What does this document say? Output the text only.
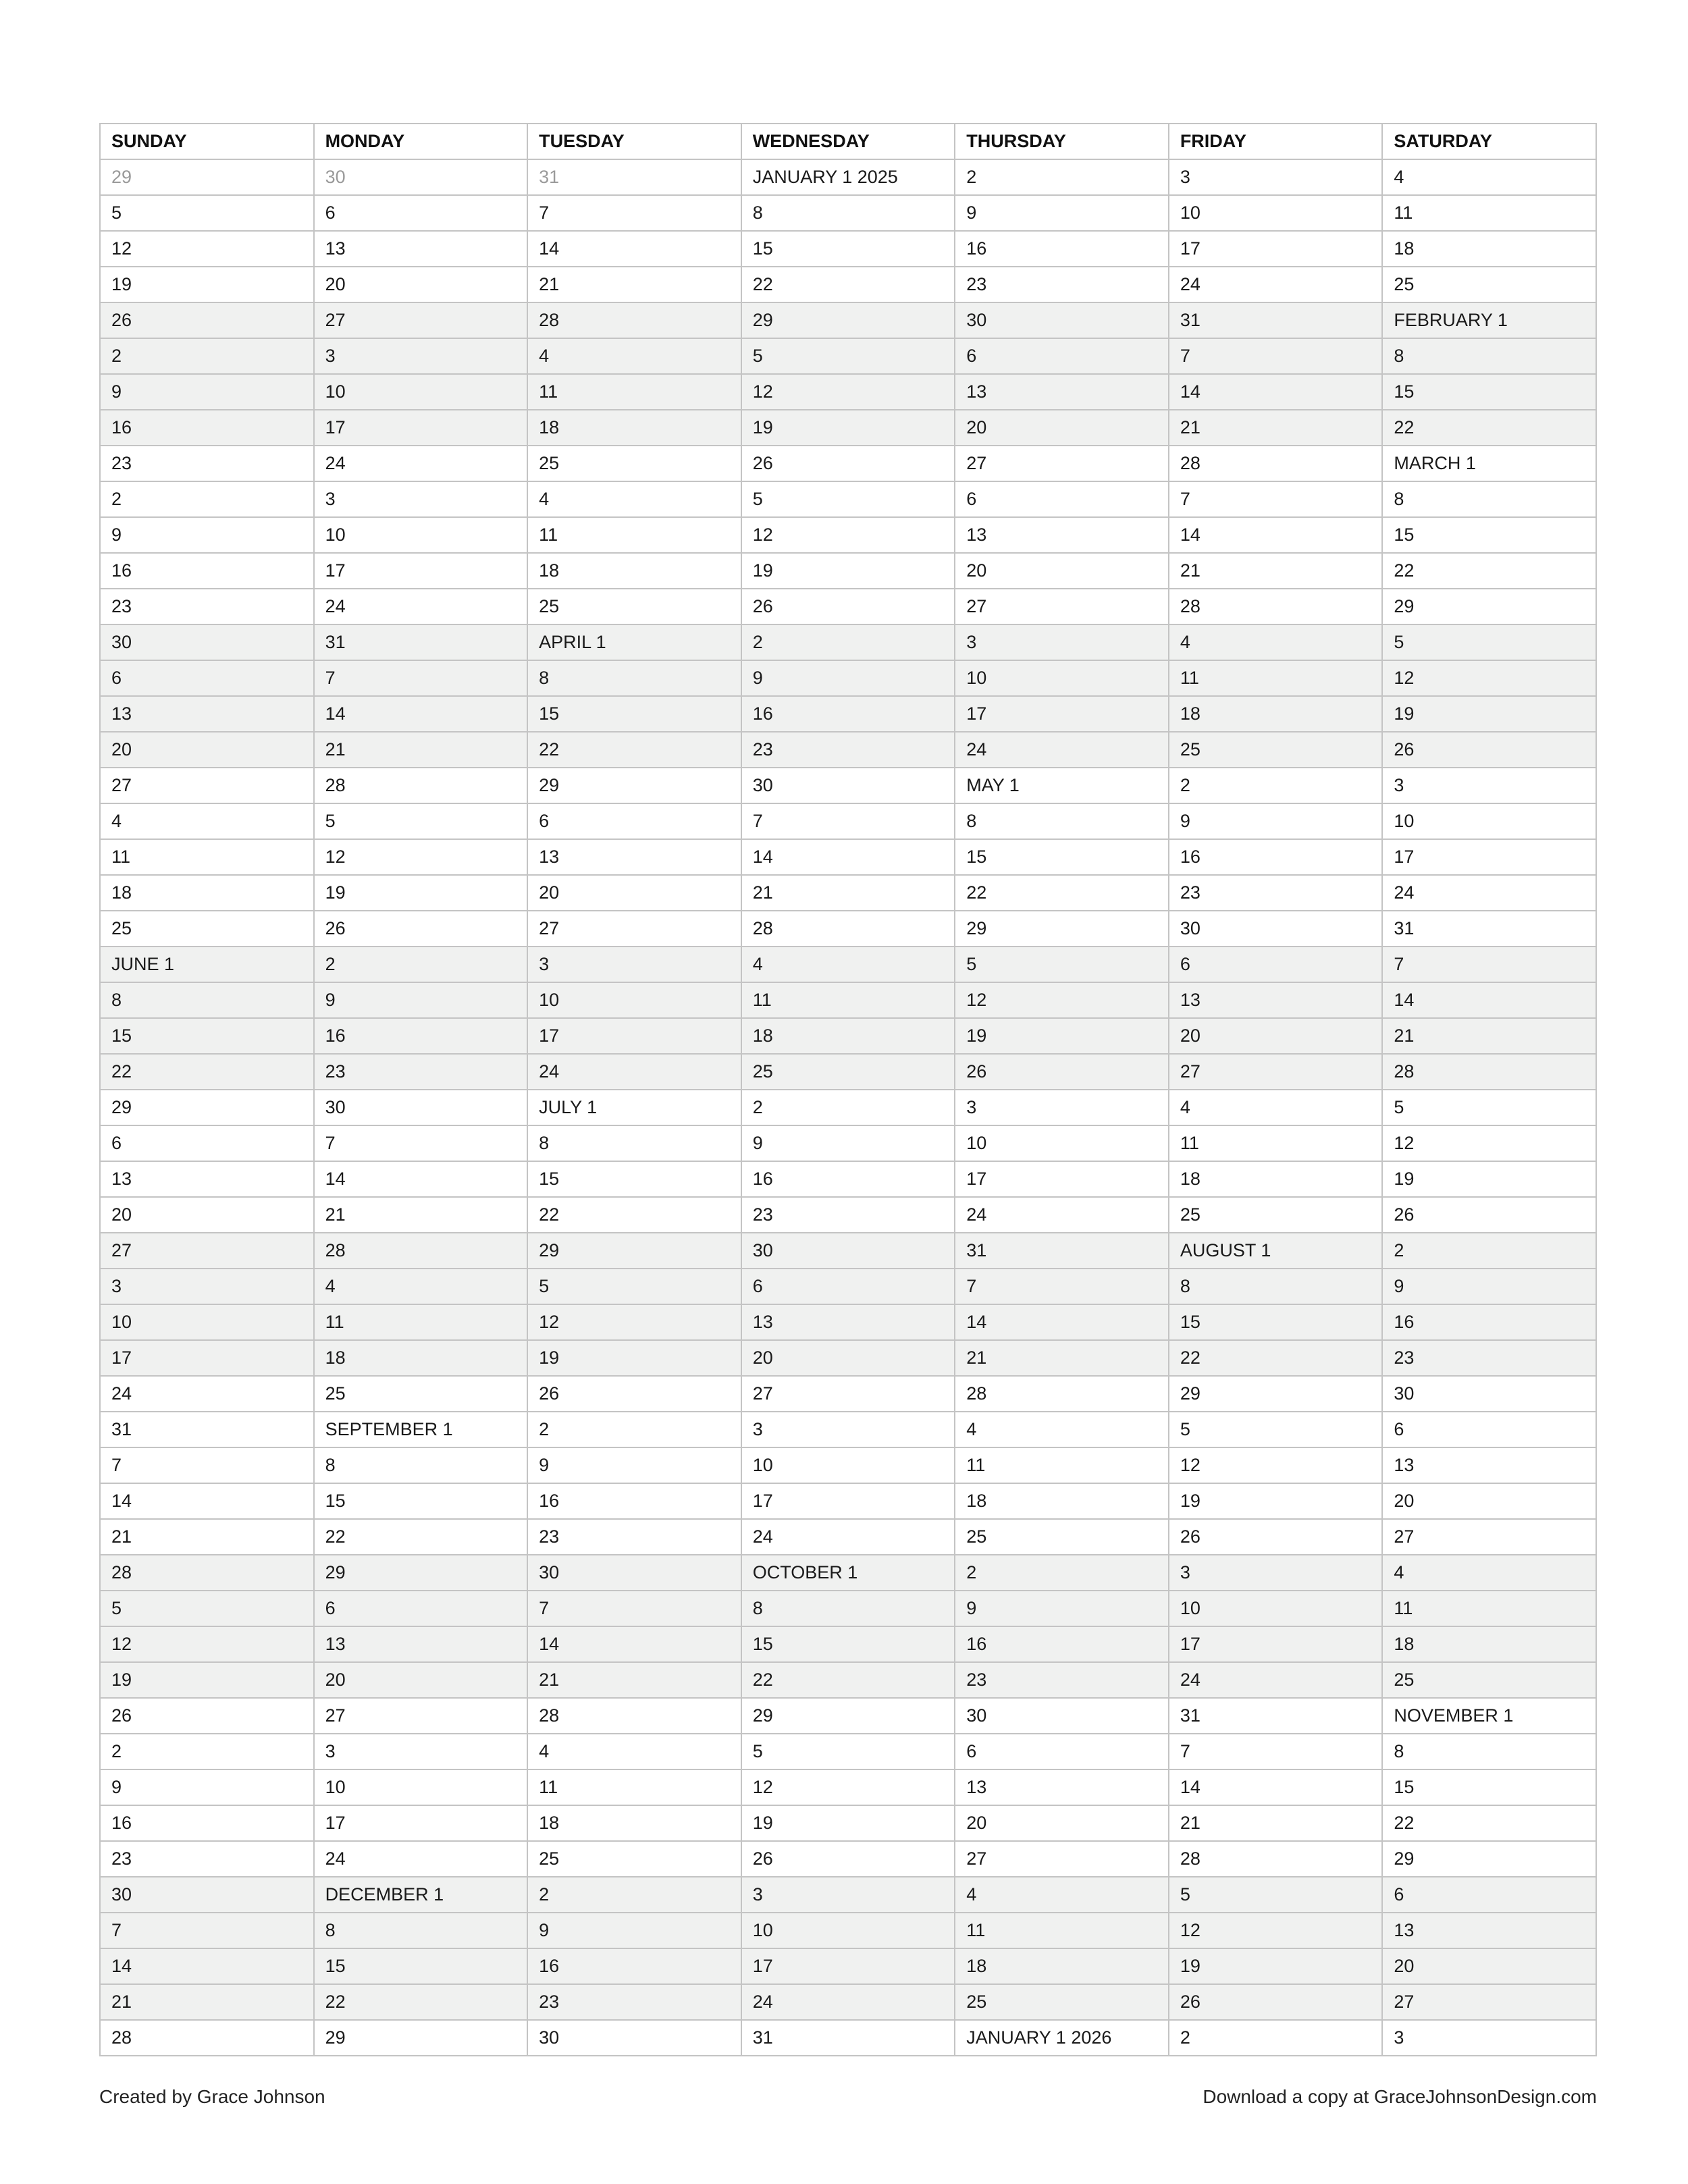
SUNDAY	MONDAY	TUESDAY	WEDNESDAY	THURSDAY	FRIDAY	SATURDAY
29	30	31	JANUARY 1 2025	2	3	4
5	6	7	8	9	10	11
12	13	14	15	16	17	18
19	20	21	22	23	24	25
26	27	28	29	30	31	FEBRUARY 1
2	3	4	5	6	7	8
9	10	11	12	13	14	15
16	17	18	19	20	21	22
23	24	25	26	27	28	MARCH 1
2	3	4	5	6	7	8
9	10	11	12	13	14	15
16	17	18	19	20	21	22
23	24	25	26	27	28	29
30	31	APRIL 1	2	3	4	5
6	7	8	9	10	11	12
13	14	15	16	17	18	19
20	21	22	23	24	25	26
27	28	29	30	MAY 1	2	3
4	5	6	7	8	9	10
11	12	13	14	15	16	17
18	19	20	21	22	23	24
25	26	27	28	29	30	31
JUNE 1	2	3	4	5	6	7
8	9	10	11	12	13	14
15	16	17	18	19	20	21
22	23	24	25	26	27	28
29	30	JULY 1	2	3	4	5
6	7	8	9	10	11	12
13	14	15	16	17	18	19
20	21	22	23	24	25	26
27	28	29	30	31	AUGUST 1	2
3	4	5	6	7	8	9
10	11	12	13	14	15	16
17	18	19	20	21	22	23
24	25	26	27	28	29	30
31	SEPTEMBER 1	2	3	4	5	6
7	8	9	10	11	12	13
14	15	16	17	18	19	20
21	22	23	24	25	26	27
28	29	30	OCTOBER 1	2	3	4
5	6	7	8	9	10	11
12	13	14	15	16	17	18
19	20	21	22	23	24	25
26	27	28	29	30	31	NOVEMBER 1
2	3	4	5	6	7	8
9	10	11	12	13	14	15
16	17	18	19	20	21	22
23	24	25	26	27	28	29
30	DECEMBER 1	2	3	4	5	6
7	8	9	10	11	12	13
14	15	16	17	18	19	20
21	22	23	24	25	26	27
28	29	30	31	JANUARY 1 2026	2	3
Created by Grace Johnson	Download a copy at GraceJohnsonDesign.com
